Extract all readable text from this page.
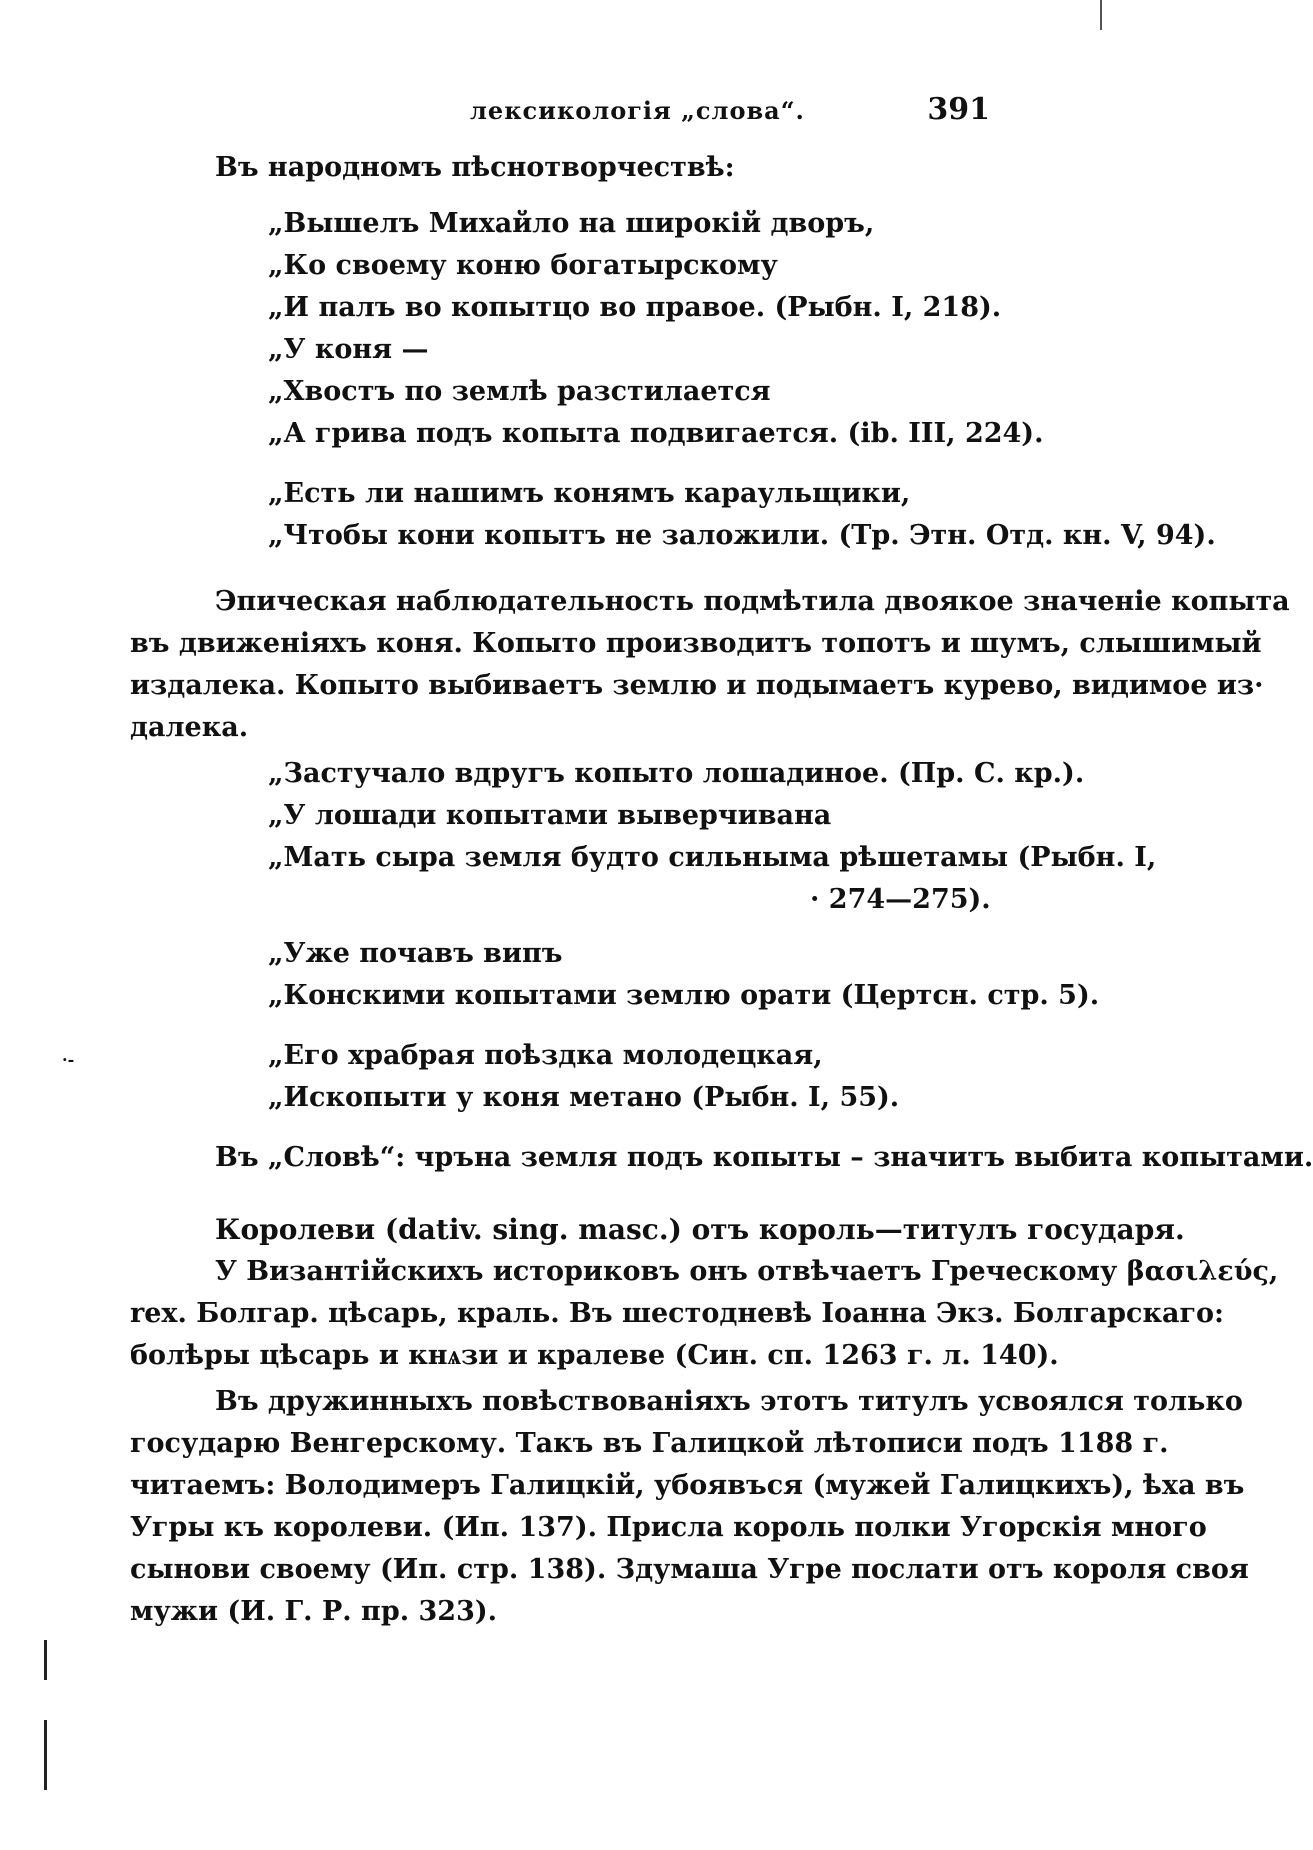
лексикологія „слова“.	391
Въ народномъ пѣснотворчествѣ:
„Вышелъ Михайло на широкій дворъ,
„Ко своему коню богатырскому
„И палъ во копытцо во правое. (Рыбн. I, 218).
„У коня —
„Хвостъ по землѣ разстилается
„А грива подъ копыта подвигается. (ib. III, 224).
„Есть ли нашимъ конямъ караульщики,
„Чтобы кони копытъ не заложили. (Тр. Этн. Отд. кн. V, 94).
Эпическая наблюдательность подмѣтила двоякое значеніе копыта
въ движеніяхъ коня. Копыто производитъ топотъ и шумъ, слышимый
издалека. Копыто выбиваетъ землю и подымаетъ курево, видимое из·
далека.
„Застучало вдругъ копыто лошадиное. (Пр. С. кр.).
„У лошади копытами выверчивана
„Мать сыра земля будто сильныма рѣшетамы (Рыбн. I,
· 274—275).
„Уже почавъ випъ
„Конскими копытами землю орати (Цертсн. стр. 5).
·-	„Его храбрая поѣздка молодецкая,
„Ископыти у коня метано (Рыбн. I, 55).
Въ „Словѣ“: чръна земля подъ копыты – значитъ выбита копытами.
Королеви (dativ. sing. masc.) отъ король—титулъ государя.
У Византійскихъ историковъ онъ отвѣчаетъ Греческому βασιλεύς,
rex. Болгар. цѣсарь, краль. Въ шестодневѣ Іоанна Экз. Болгарскаго:
болѣры цѣсарь и кнѧзи и кралеве (Син. сп. 1263 г. л. 140).
Въ дружинныхъ повѣствованіяхъ этотъ титулъ усвоялся только
государю Венгерскому. Такъ въ Галицкой лѣтописи подъ 1188 г.
читаемъ: Володимеръ Галицкій, убоявъся (мужей Галицкихъ), ѣха въ
Угры къ королеви. (Ип. 137). Присла король полки Угорскія много
сынови своему (Ип. стр. 138). Здумаша Угре послати отъ короля своя
мужи (И. Г. Р. пр. 323).
